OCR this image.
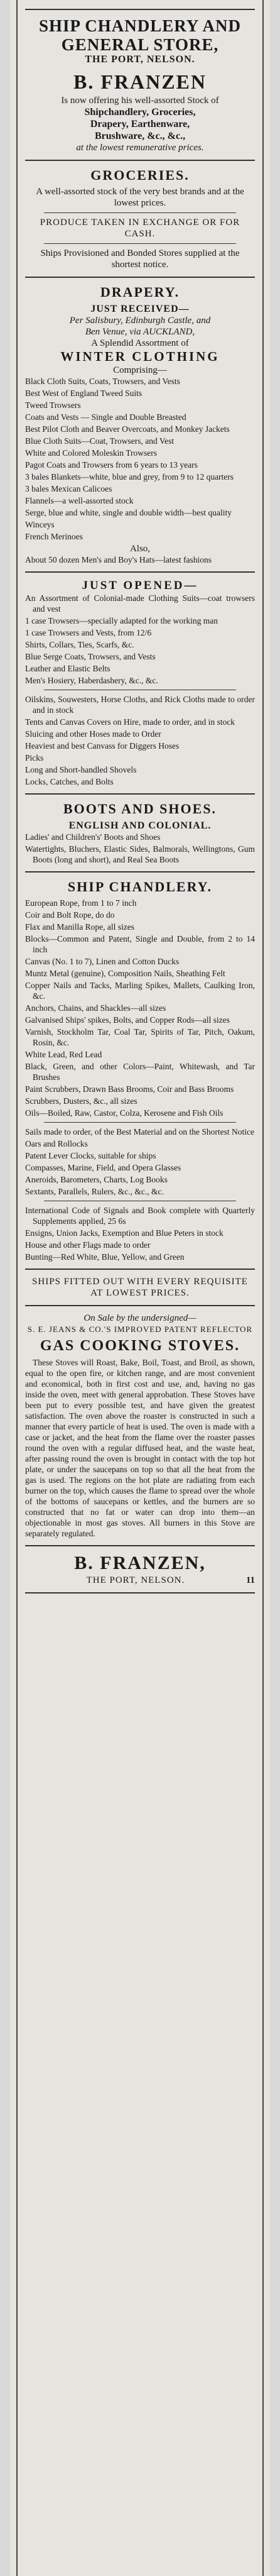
SHIP CHANDLERY AND
GENERAL STORE,
THE PORT, NELSON.
B. FRANZEN
Is now offering his well-assorted Stock of
Shipchandlery, Groceries,
Drapery, Earthenware,
Brushware, &c., &c.,
at the lowest remunerative prices.
GROCERIES.
A well-assorted stock of the very best brands and at the lowest prices.
PRODUCE TAKEN IN EXCHANGE OR FOR CASH.
Ships Provisioned and Bonded Stores supplied at the shortest notice.
DRAPERY.
JUST RECEIVED—
Per Salisbury, Edinburgh Castle, and
Ben Venue, via AUCKLAND,
A Splendid Assortment of
WINTER CLOTHING
Comprising—

Black Cloth Suits, Coats, Trowsers, and Vests

Best West of England Tweed Suits

Tweed Trowsers

Coats and Vests — Single and Double Breasted

Best Pilot Cloth and Beaver Overcoats, and Monkey Jackets

Blue Cloth Suits—Coat, Trowsers, and Vest

White and Colored Moleskin Trowsers

Pagot Coats and Trowsers from 6 years to 13 years

3 bales Blankets—white, blue and grey, from 9 to 12 quarters

3 bales Mexican Calicoes

Flannels—a well-assorted stock

Serge, blue and white, single and double width—best quality

Winceys

French Merinoes

Also,

About 50 dozen Men's and Boy's Hats—latest fashions

JUST OPENED—

An Assortment of Colonial-made Clothing Suits—coat trowsers and vest

1 case Trowsers—specially adapted for the working man

1 case Trowsers and Vests, from 12/6

Shirts, Collars, Ties, Scarfs, &c.

Blue Serge Coats, Trowsers, and Vests

Leather and Elastic Belts

Men's Hosiery, Haberdashery, &c., &c.

Oilskins, Souwesters, Horse Cloths, and Rick Cloths made to order and in stock

Tents and Canvas Covers on Hire, made to order, and in stock

Sluicing and other Hoses made to Order

Heaviest and best Canvass for Diggers Hoses

Picks

Long and Short-handled Shovels

Locks, Catches, and Bolts

BOOTS AND SHOES.
ENGLISH AND COLONIAL.

Ladies' and Children's' Boots and Shoes

Watertights, Bluchers, Elastic Sides, Balmorals, Wellingtons, Gum Boots (long and short), and Real Sea Boots

SHIP CHANDLERY.

European Rope, from 1 to 7 inch

Coir and Bolt Rope, do do

Flax and Manilla Rope, all sizes

Blocks—Common and Patent, Single and Double, from 2 to 14 inch

Canvas (No. 1 to 7), Linen and Cotton Ducks

Muntz Metal (genuine), Composition Nails, Sheathing Felt

Copper Nails and Tacks, Marling Spikes, Mallets, Caulking Iron, &c.

Anchors, Chains, and Shackles—all sizes

Galvanised Ships' spikes, Bolts, and Copper Rods—all sizes

Varnish, Stockholm Tar, Coal Tar, Spirits of Tar, Pitch, Oakum, Rosin, &c.

White Lead, Red Lead

Black, Green, and other Colors—Paint, Whitewash, and Tar Brushes

Paint Scrubbers, Drawn Bass Brooms, Coir and Bass Brooms

Scrubbers, Dusters, &c., all sizes

Oils—Boiled, Raw, Castor, Colza, Kerosene and Fish Oils

Sails made to order, of the Best Material and on the Shortest Notice

Oars and Rollocks

Patent Lever Clocks, suitable for ships

Compasses, Marine, Field, and Opera Glasses

Aneroids, Barometers, Charts, Log Books

Sextants, Parallels, Rulers, &c., &c., &c.

International Code of Signals and Book complete with Quarterly Supplements applied, 25 6s

Ensigns, Union Jacks, Exemption and Blue Peters in stock

House and other Flags made to order

Bunting—Red White, Blue, Yellow, and Green

SHIPS FITTED OUT WITH EVERY REQUISITE AT LOWEST PRICES.
On Sale by the undersigned—
S. E. JEANS & CO.'S IMPROVED PATENT REFLECTOR
GAS COOKING STOVES.

These Stoves will Roast, Bake, Boil, Toast, and Broil, as shown, equal to the open fire, or kitchen range, and are most convenient and economical, both in first cost and use, and, having no gas inside the oven, meet with general approbation. These Stoves have been put to every possible test, and have given the greatest satisfaction. The oven above the roaster is constructed in such a manner that every particle of heat is used. The oven is made with a case or jacket, and the heat from the flame over the roaster passes round the oven with a regular diffused heat, and the waste heat, after passing round the oven is brought in contact with the top hot plate, or under the saucepans on top so that all the heat from the gas is used. The regions on the hot plate are radiating from each burner on the top, which causes the flame to spread over the whole of the bottoms of saucepans or kettles, and the burners are so constructed that no fat or water can drop into them—an objectionable in most gas stoves. All burners in this Stove are separately regulated.

B. FRANZEN,
THE PORT, NELSON.	11
